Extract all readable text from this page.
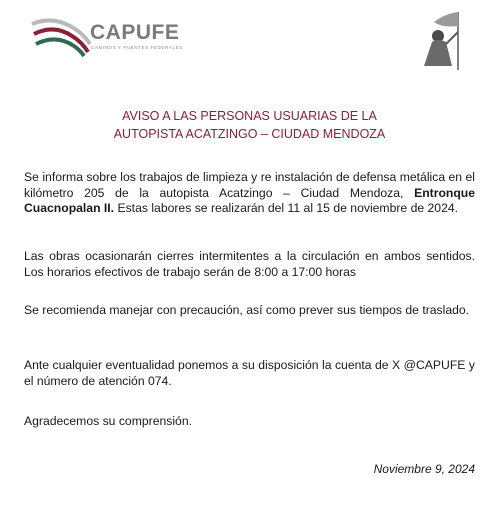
CAPUFE
CAMINOS Y PUENTES FEDERALES
AVISO A LAS PERSONAS USUARIAS DE LA
AUTOPISTA ACATZINGO – CIUDAD MENDOZA

Se informa sobre los trabajos de limpieza y re instalación de defensa metálica en el kilómetro 205 de la autopista Acatzingo – Ciudad Mendoza, Entronque Cuacnopalan II. Estas labores se realizarán del 11 al 15 de noviembre de 2024.

Las obras ocasionarán cierres intermitentes a la circulación en ambos sentidos. Los horarios efectivos de trabajo serán de 8:00 a 17:00 horas

Se recomienda manejar con precaución, así como prever sus tiempos de traslado.

Ante cualquier eventualidad ponemos a su disposición la cuenta de X @CAPUFE y el número de atención 074.

Agradecemos su comprensión.

Noviembre 9, 2024
